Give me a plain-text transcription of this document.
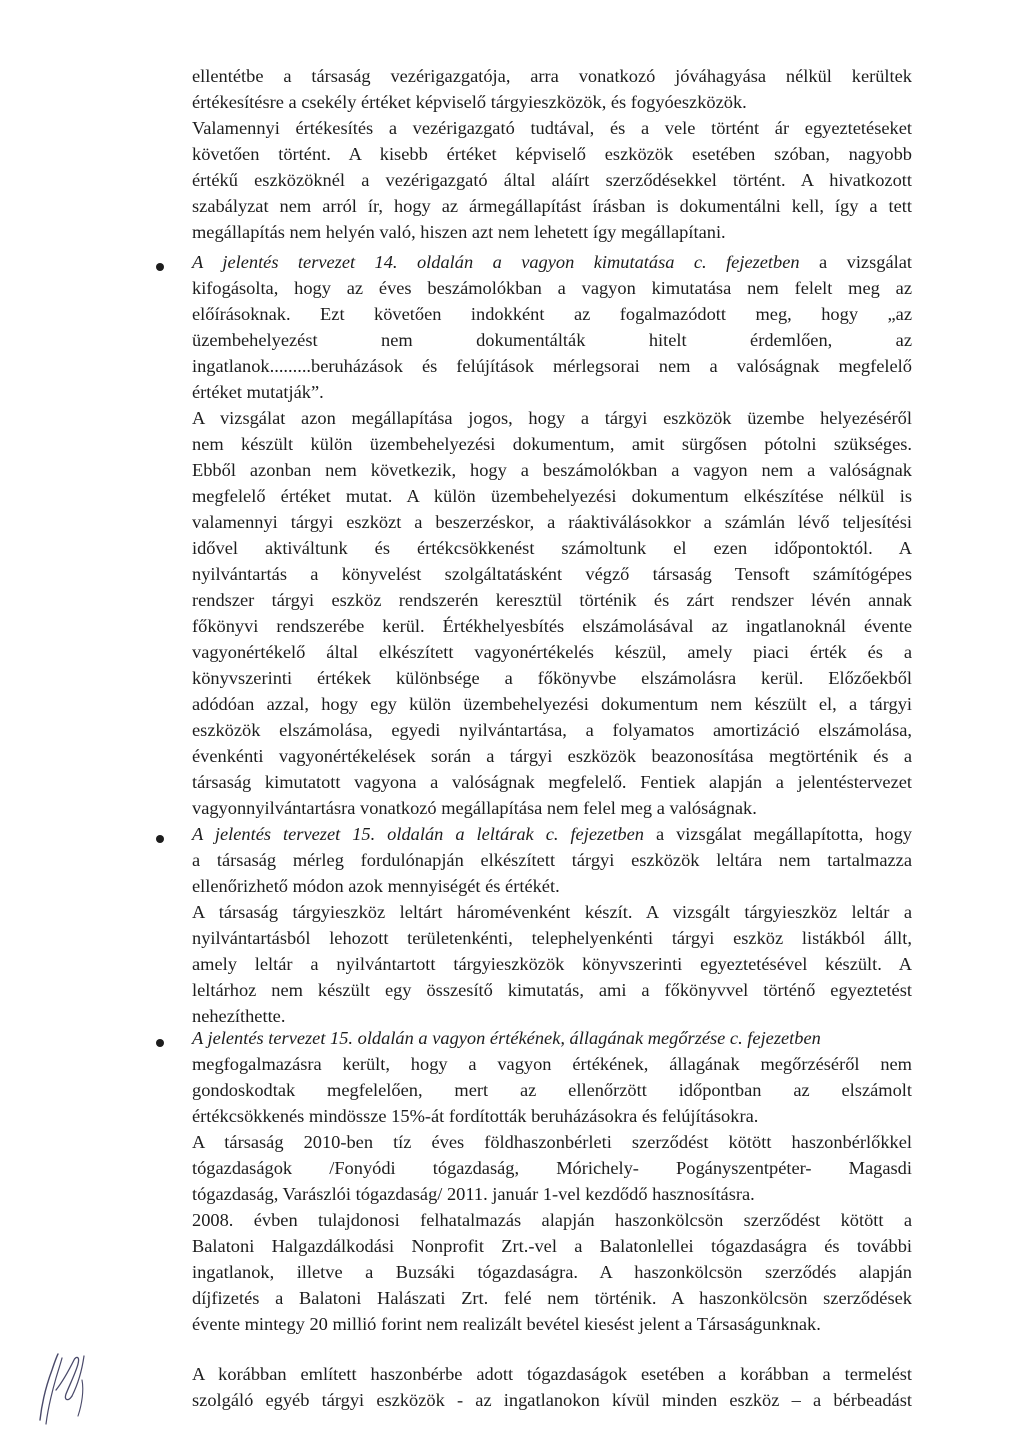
ellentétbe a társaság vezérigazgatója, arra vonatkozó jóváhagyása nélkül kerültek
értékesítésre a csekély értéket képviselő tárgyieszközök, és fogyóeszközök.
Valamennyi értékesítés a vezérigazgató tudtával, és a vele történt ár egyeztetéseket
követően történt. A kisebb értéket képviselő eszközök esetében szóban, nagyobb
értékű eszközöknél a vezérigazgató által aláírt szerződésekkel történt. A hivatkozott
szabályzat nem arról ír, hogy az ármegállapítást írásban is dokumentálni kell, így a tett
megállapítás nem helyén való, hiszen azt nem lehetett így megállapítani.
A jelentés tervezet 14. oldalán a vagyon kimutatása c. fejezetben a vizsgálat
kifogásolta, hogy az éves beszámolókban a vagyon kimutatása nem felelt meg az
előírásoknak. Ezt követően indokként az fogalmazódott meg, hogy „az
üzembehelyezést nem dokumentálták hitelt érdemlően, az
ingatlanok.........beruházások és felújítások mérlegsorai nem a valóságnak megfelelő
értéket mutatják”.
A vizsgálat azon megállapítása jogos, hogy a tárgyi eszközök üzembe helyezéséről
nem készült külön üzembehelyezési dokumentum, amit sürgősen pótolni szükséges.
Ebből azonban nem következik, hogy a beszámolókban a vagyon nem a valóságnak
megfelelő értéket mutat. A külön üzembehelyezési dokumentum elkészítése nélkül is
valamennyi tárgyi eszközt a beszerzéskor, a ráaktiválásokkor a számlán lévő teljesítési
idővel aktiváltunk és értékcsökkenést számoltunk el ezen időpontoktól. A
nyilvántartás a könyvelést szolgáltatásként végző társaság Tensoft számítógépes
rendszer tárgyi eszköz rendszerén keresztül történik és zárt rendszer lévén annak
főkönyvi rendszerébe kerül. Értékhelyesbítés elszámolásával az ingatlanoknál évente
vagyonértékelő által elkészített vagyonértékelés készül, amely piaci érték és a
könyvszerinti értékek különbsége a főkönyvbe elszámolásra kerül. Előzőekből
adódóan azzal, hogy egy külön üzembehelyezési dokumentum nem készült el, a tárgyi
eszközök elszámolása, egyedi nyilvántartása, a folyamatos amortizáció elszámolása,
évenkénti vagyonértékelések során a tárgyi eszközök beazonosítása megtörténik és a
társaság kimutatott vagyona a valóságnak megfelelő. Fentiek alapján a jelentéstervezet
vagyonnyilvántartásra vonatkozó megállapítása nem felel meg a valóságnak.
A jelentés tervezet 15. oldalán a leltárak c. fejezetben a vizsgálat megállapította, hogy
a társaság mérleg fordulónapján elkészített tárgyi eszközök leltára nem tartalmazza
ellenőrizhető módon azok mennyiségét és értékét.
A társaság tárgyieszköz leltárt háromévenként készít. A vizsgált tárgyieszköz leltár a
nyilvántartásból lehozott területenkénti, telephelyenkénti tárgyi eszköz listákból állt,
amely leltár a nyilvántartott tárgyieszközök könyvszerinti egyeztetésével készült. A
leltárhoz nem készült egy összesítő kimutatás, ami a főkönyvvel történő egyeztetést
nehezíthette.
A jelentés tervezet 15. oldalán a vagyon értékének, állagának megőrzése c. fejezetben
megfogalmazásra került, hogy a vagyon értékének, állagának megőrzéséről nem
gondoskodtak megfelelően, mert az ellenőrzött időpontban az elszámolt
értékcsökkenés mindössze 15%-át fordították beruházásokra és felújításokra.
A társaság 2010-ben tíz éves földhaszonbérleti szerződést kötött haszonbérlőkkel
tógazdaságok /Fonyódi tógazdaság, Mórichely- Pogányszentpéter- Magasdi
tógazdaság, Varászlói tógazdaság/ 2011. január 1-vel kezdődő hasznosításra.
2008. évben tulajdonosi felhatalmazás alapján haszonkölcsön szerződést kötött a
Balatoni Halgazdálkodási Nonprofit Zrt.-vel a Balatonlellei tógazdaságra és további
ingatlanok, illetve a Buzsáki tógazdaságra. A haszonkölcsön szerződés alapján
díjfizetés a Balatoni Halászati Zrt. felé nem történik. A haszonkölcsön szerződések
évente mintegy 20 millió forint nem realizált bevétel kiesést jelent a Társaságunknak.
A korábban említett haszonbérbe adott tógazdaságok esetében a korábban a termelést
szolgáló egyéb tárgyi eszközök - az ingatlanokon kívül minden eszköz – a bérbeadást
